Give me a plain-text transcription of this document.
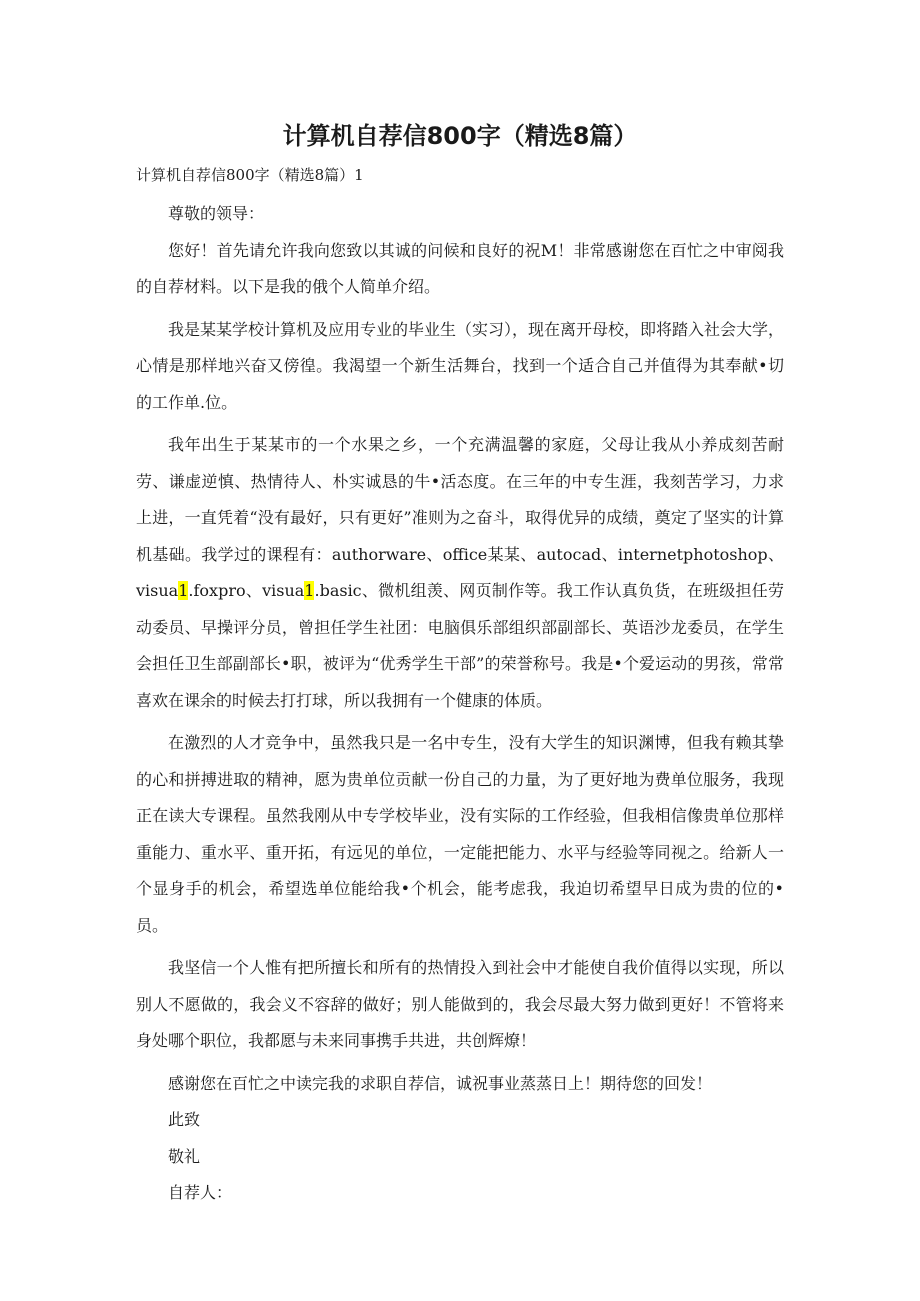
计算机自荐信800字（精选8篇）

计算机自荐信800字（精选8篇）1

尊敬的领导：

您好！首先请允许我向您致以其诚的问候和良好的祝M！非常感谢您在百忙之中审阅我的自荐材料。以下是我的俄个人简单介绍。

我是某某学校计算机及应用专业的毕业生（实习），现在离开母校，即将踏入社会大学，心情是那样地兴奋又傍徨。我渴望一个新生活舞台，找到一个适合自己并值得为其奉献•切的工作单.位。

我年出生于某某市的一个水果之乡，一个充满温馨的家庭，父母让我从小养成刻苦耐劳、谦虚逆慎、热情待人、朴实诚恳的牛•活态度。在三年的中专生涯，我刻苦学习，力求上进，一直凭着“没有最好，只有更好”准则为之奋斗，取得优异的成绩，奠定了坚实的计算机基础。我学过的课程有：authorware、office某某、autocad、internetphotoshop、visua1.foxpro、visua1.basic、微机组羡、网页制作等。我工作认真负货，在班级担任劳动委员、早操评分员，曾担任学生社团：电脑俱乐部组织部副部长、英语沙龙委员，在学生会担任卫生部副部长•职，被评为“优秀学生干部”的荣誉称号。我是•个爱运动的男孩，常常喜欢在课余的时候去打打球，所以我拥有一个健康的体质。

在激烈的人才竞争中，虽然我只是一名中专生，没有大学生的知识渊博，但我有赖其挚的心和拼搏进取的精神，愿为贵单位贡献一份自己的力量，为了更好地为费单位服务，我现正在读大专课程。虽然我刚从中专学校毕业，没有实际的工作经验，但我相信像贵单位那样重能力、重水平、重开拓，有远见的单位，一定能把能力、水平与经验等同视之。给新人一个显身手的机会，希望选单位能给我•个机会，能考虑我，我迫切希望早日成为贵的位的•员。

我坚信一个人惟有把所擅长和所有的热情投入到社会中才能使自我价值得以实现，所以别人不愿做的，我会义不容辞的做好；别人能做到的，我会尽最大努力做到更好！不管将来身处哪个职位，我都愿与未来同事携手共进，共创辉燎！

感谢您在百忙之中读完我的求职自荐信，诚祝事业蒸蒸日上！期待您的回发！

此致

敬礼

自荐人：
